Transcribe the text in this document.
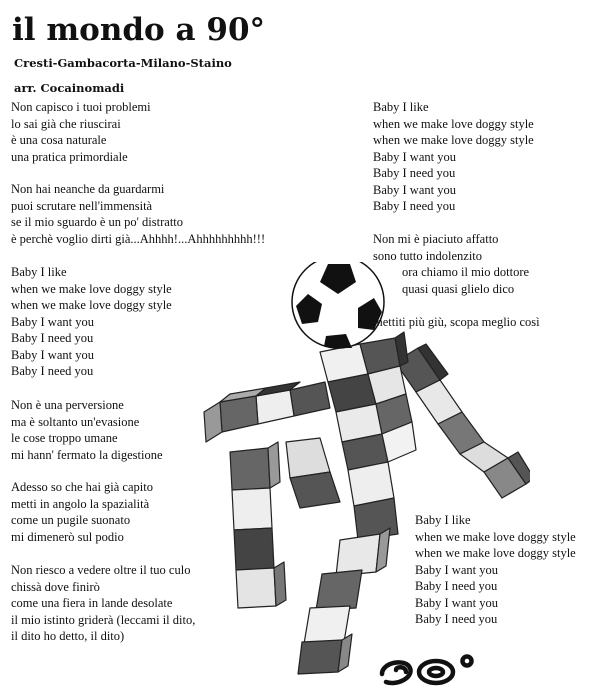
il mondo a 90°
Cresti-Gambacorta-Milano-Staino
arr. Cocainomadi
Non capisco i tuoi problemi
lo sai già che riuscirai
è una cosa naturale
una pratica primordiale
Non hai neanche da guardarmi
puoi scrutare nell'immensità
se il mio sguardo è un po' distratto
è perchè voglio dirti già...Ahhhh!...Ahhhhhhhhh!!!
Baby I like
when we make love doggy style
when we make love doggy style
Baby I want you
Baby I need you
Baby I want you
Baby I need you
Non è una perversione
ma è soltanto un'evasione
le cose troppo umane
mi hann' fermato la digestione
Adesso so che hai già capito
metti in angolo la spazialità
come un pugile suonato
mi dimenerò sul podio
Non riesco a vedere oltre il tuo culo
chissà dove finirò
come una fiera in lande desolate
il mio istinto griderà (leccami il dito,
il dito ho detto, il dito)
Baby I like
when we make love doggy style
when we make love doggy style
Baby I want you
Baby I need you
Baby I want you
Baby I need you
Non mi è piaciuto affatto
sono tutto indolenzito
ora chiamo il mio dottore
quasi quasi glielo dico
mettiti più giù, scopa meglio così
Baby I like
when we make love doggy style
when we make love doggy style
Baby I want you
Baby I need you
Baby I want you
Baby I need you
90°
